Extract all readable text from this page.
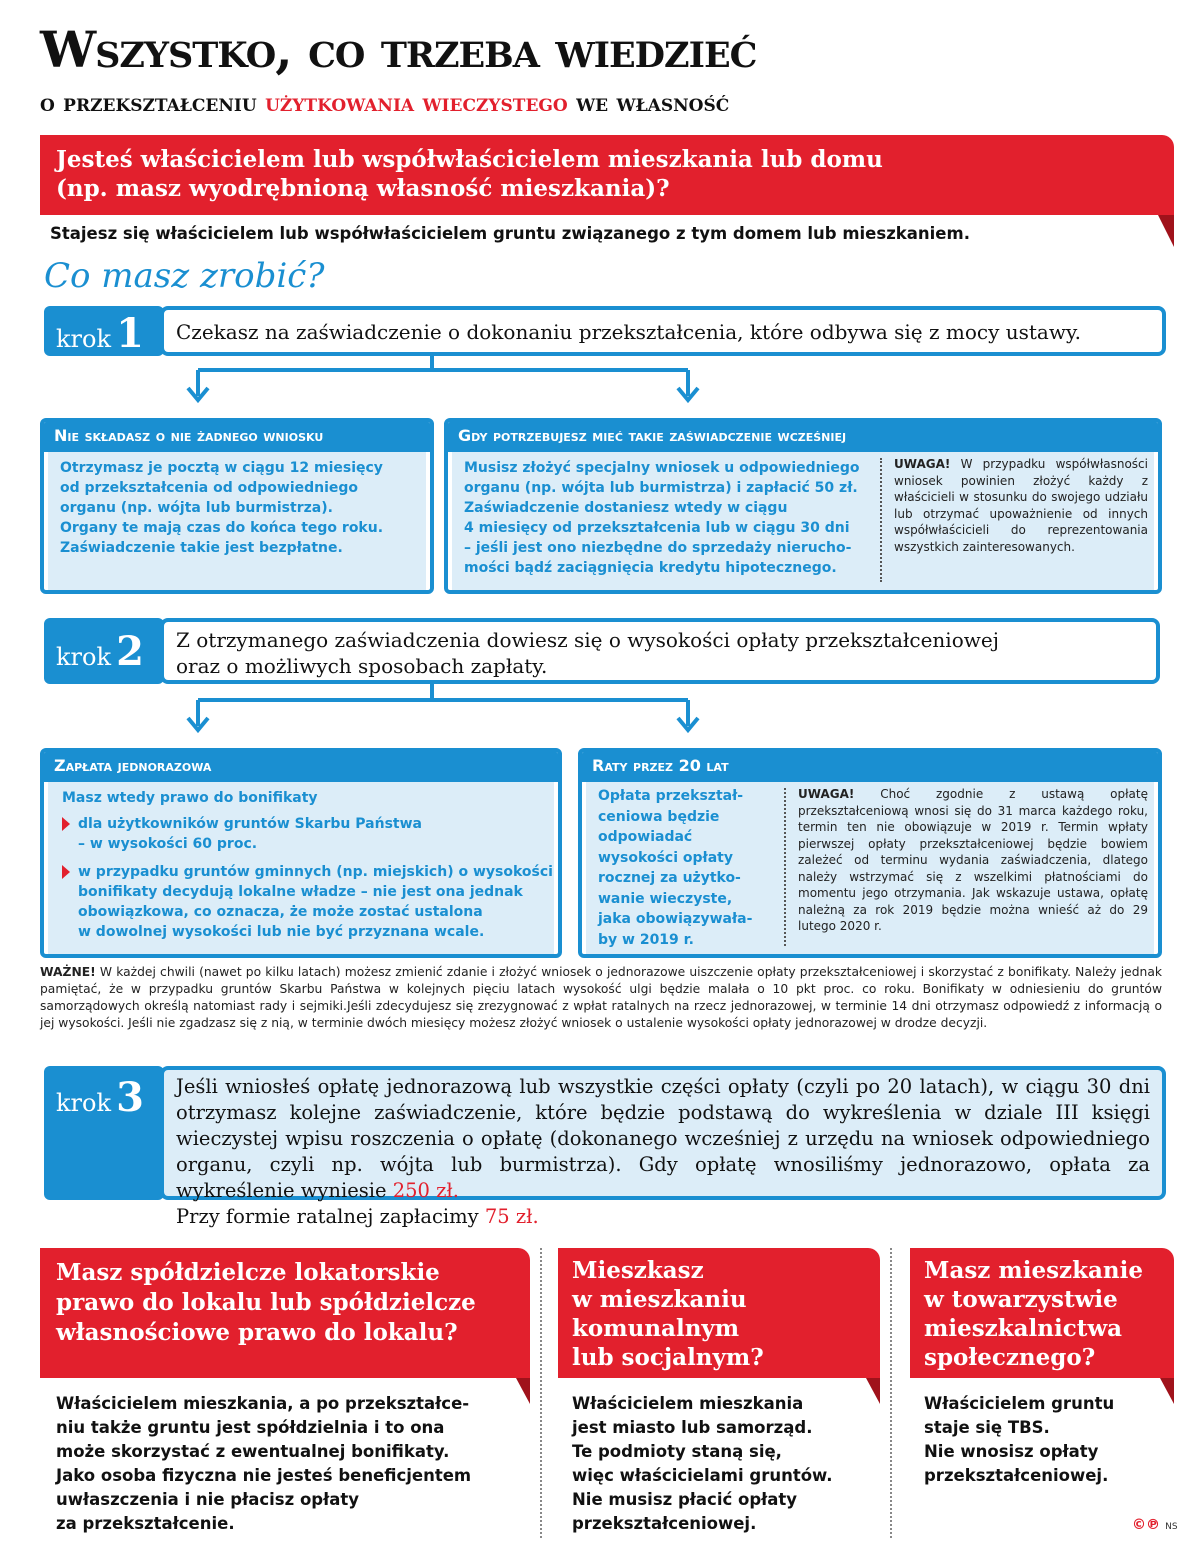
Wszystko, co trzeba wiedzieć
o przekształceniu użytkowania wieczystego we własność
Jesteś właścicielem lub współwłaścicielem mieszkania lub domu
(np. masz wyodrębnioną własność mieszkania)?
Stajesz się właścicielem lub współwłaścicielem gruntu związanego z tym domem lub mieszkaniem.
Co masz zrobić?
krok 1	Czekasz na zaświadczenie o dokonaniu przekształcenia, które odbywa się z mocy ustawy.
Nie składasz o nie żadnego wniosku
Otrzymasz je pocztą w ciągu 12 miesięcy
od przekształcenia od odpowiedniego
organu (np. wójta lub burmistrza).
Organy te mają czas do końca tego roku.
Zaświadczenie takie jest bezpłatne.
Gdy potrzebujesz mieć takie zaświadczenie wcześniej
Musisz złożyć specjalny wniosek u odpowiedniego
organu (np. wójta lub burmistrza) i zapłacić 50 zł.
Zaświadczenie dostaniesz wtedy w ciągu
4 miesięcy od przekształcenia lub w ciągu 30 dni
– jeśli jest ono niezbędne do sprzedaży nierucho-
mości bądź zaciągnięcia kredytu hipotecznego.
UWAGA! W przypadku współwłasności wniosek powinien złożyć każdy z właścicieli w stosunku do swojego udziału lub otrzymać upoważnienie od innych współwłaścicieli do reprezentowania wszystkich zainteresowanych.
krok 2	Z otrzymanego zaświadczenia dowiesz się o wysokości opłaty przekształceniowej
oraz o możliwych sposobach zapłaty.
Zapłata jednorazowa
Masz wtedy prawo do bonifikaty
dla użytkowników gruntów Skarbu Państwa
– w wysokości 60 proc.
w przypadku gruntów gminnych (np. miejskich) o wysokości
bonifikaty decydują lokalne władze – nie jest ona jednak
obowiązkowa, co oznacza, że może zostać ustalona
w dowolnej wysokości lub nie być przyznana wcale.
Raty przez 20 lat
Opłata przekształ-
ceniowa będzie
odpowiadać
wysokości opłaty
rocznej za użytko-
wanie wieczyste,
jaka obowiązywała-
by w 2019 r.
UWAGA! Choć zgodnie z ustawą opłatę przekształceniową wnosi się do 31 marca każdego roku, termin ten nie obowiązuje w 2019 r. Termin wpłaty pierwszej opłaty przekształceniowej będzie bowiem zależeć od terminu wydania zaświadczenia, dlatego należy wstrzymać się z wszelkimi płatnościami do momentu jego otrzymania. Jak wskazuje ustawa, opłatę należną za rok 2019 będzie można wnieść aż do 29 lutego 2020 r.
WAŻNE! W każdej chwili (nawet po kilku latach) możesz zmienić zdanie i złożyć wniosek o jednorazowe uiszczenie opłaty przekształceniowej i skorzystać z bonifikaty. Należy jednak pamiętać, że w przypadku gruntów Skarbu Państwa w kolejnych pięciu latach wysokość ulgi będzie malała o 10 pkt proc. co roku. Bonifikaty w odniesieniu do gruntów samorządowych określą natomiast rady i sejmiki.Jeśli zdecydujesz się zrezygnować z wpłat ratalnych na rzecz jednorazowej, w terminie 14 dni otrzymasz odpowiedź z informacją o jej wysokości. Jeśli nie zgadzasz się z nią, w terminie dwóch miesięcy możesz złożyć wniosek o ustalenie wysokości opłaty jednorazowej w drodze decyzji.
krok 3	Jeśli wniosłeś opłatę jednorazową lub wszystkie części opłaty (czyli po 20 latach), w ciągu 30 dni otrzymasz kolejne zaświadczenie, które będzie podstawą do wykreślenia w dziale III księgi wieczystej wpisu roszczenia o opłatę (dokonanego wcześniej z urzędu na wniosek odpowiedniego organu, czyli np. wójta lub burmistrza). Gdy opłatę wnosiliśmy jednorazowo, opłata za wykreślenie wyniesie 250 zł.
Przy formie ratalnej zapłacimy 75 zł.
Masz spółdzielcze lokatorskie
prawo do lokalu lub spółdzielcze
własnościowe prawo do lokalu?
Właścicielem mieszkania, a po przekształce-
niu także gruntu jest spółdzielnia i to ona
może skorzystać z ewentualnej bonifikaty.
Jako osoba fizyczna nie jesteś beneficjentem
uwłaszczenia i nie płacisz opłaty
za przekształcenie.
Mieszkasz
w mieszkaniu
komunalnym
lub socjalnym?
Właścicielem mieszkania
jest miasto lub samorząd.
Te podmioty staną się,
więc właścicielami gruntów.
Nie musisz płacić opłaty
przekształceniowej.
Masz mieszkanie
w towarzystwie
mieszkalnictwa
społecznego?
Właścicielem gruntu
staje się TBS.
Nie wnosisz opłaty
przekształceniowej.
©℗ NS
